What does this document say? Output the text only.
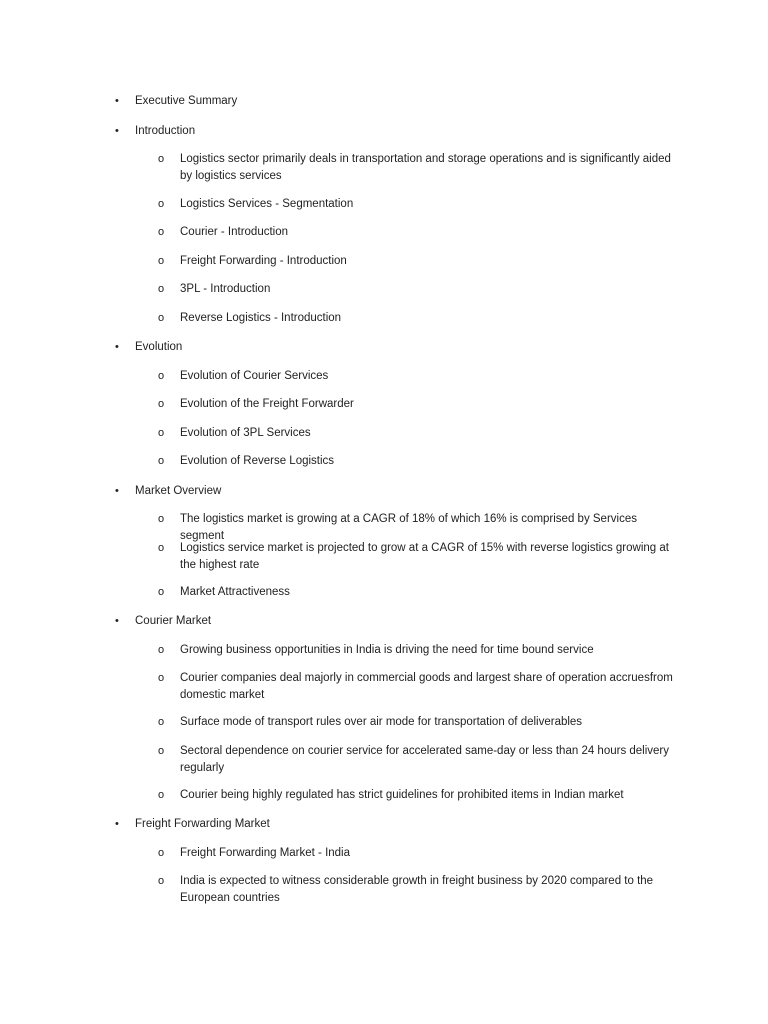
• Executive Summary
• Introduction
o Logistics sector primarily deals in transportation and storage operations and is significantly aided by logistics services
o Logistics Services - Segmentation
o Courier - Introduction
o Freight Forwarding - Introduction
o 3PL - Introduction
o Reverse Logistics - Introduction
• Evolution
o Evolution of Courier Services
o Evolution of the Freight Forwarder
o Evolution of 3PL Services
o Evolution of Reverse Logistics
• Market Overview
o The logistics market is growing at a CAGR of 18% of which 16% is comprised by Services segment
o Logistics service market is projected to grow at a CAGR of 15% with reverse logistics growing at the highest rate
o Market Attractiveness
• Courier Market
o Growing business opportunities in India is driving the need for time bound service
o Courier companies deal majorly in commercial goods and largest share of operation accruesfrom domestic market
o Surface mode of transport rules over air mode for transportation of deliverables
o Sectoral dependence on courier service for accelerated same-day or less than 24 hours delivery regularly
o Courier being highly regulated has strict guidelines for prohibited items in Indian market
• Freight Forwarding Market
o Freight Forwarding Market - India
o India is expected to witness considerable growth in freight business by 2020 compared to the European countries
